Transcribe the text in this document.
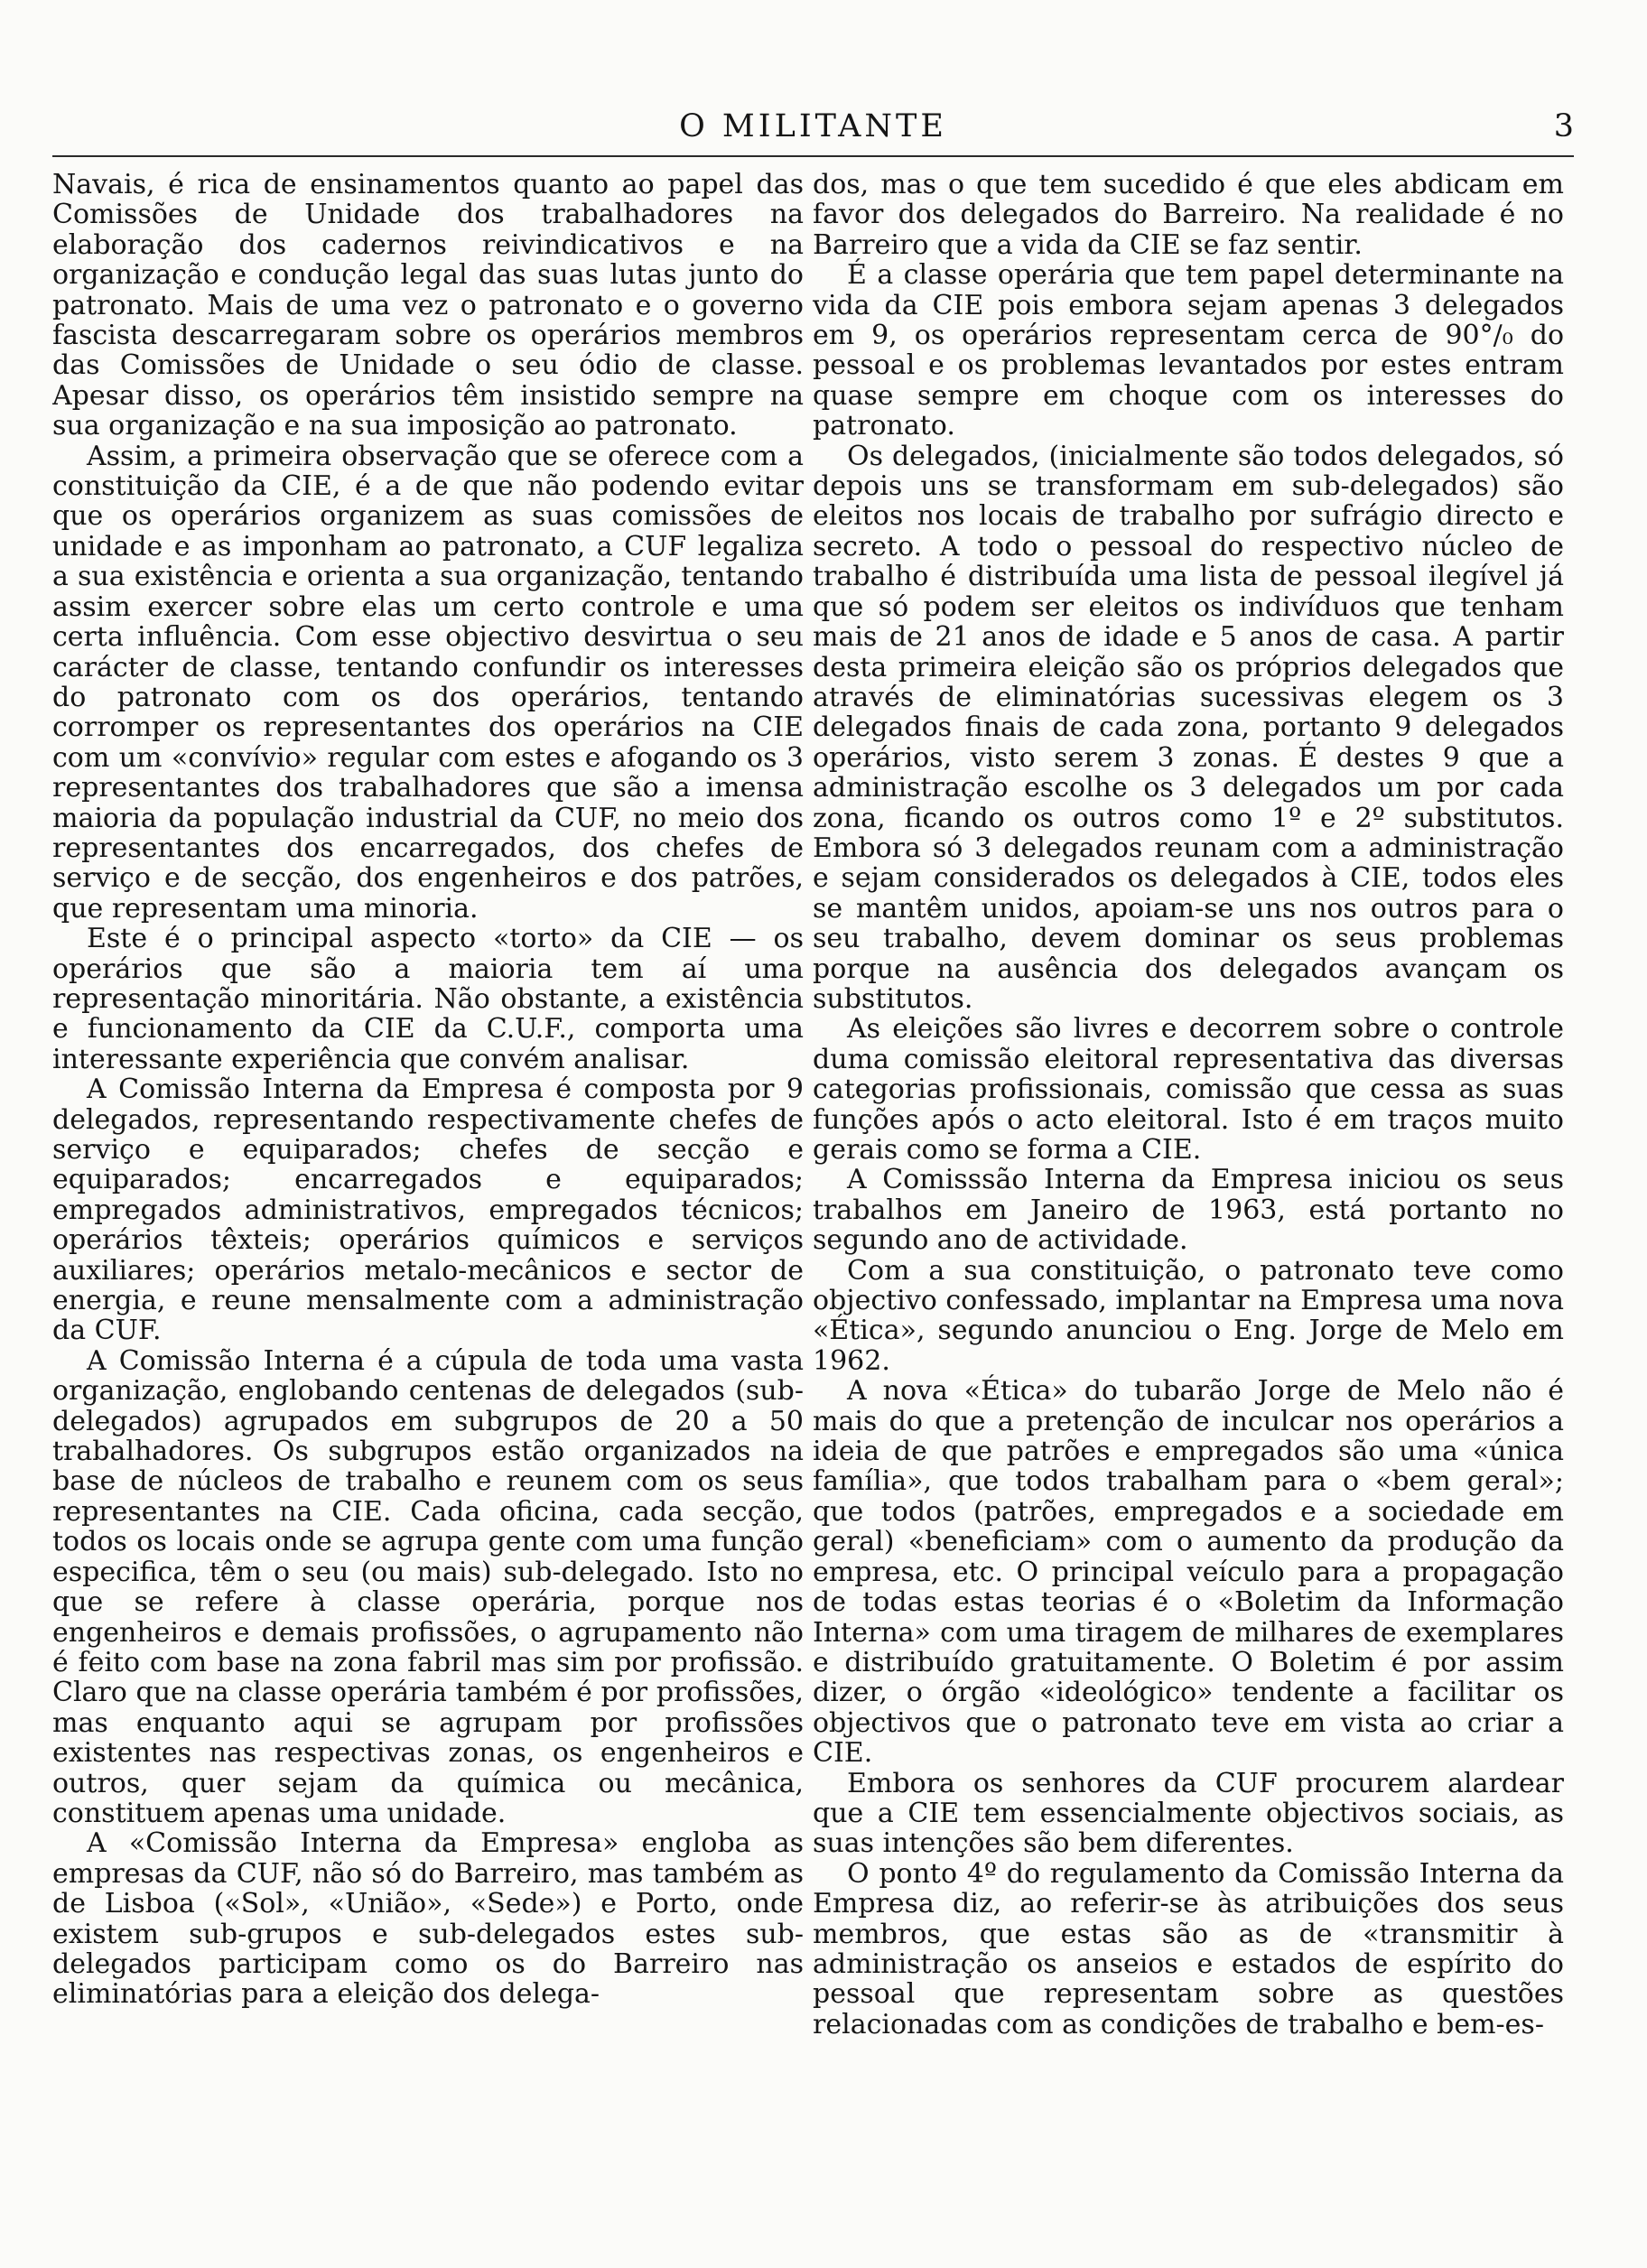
O MILITANTE	3

Navais, é rica de ensinamentos quanto ao papel das Comissões de Unidade dos trabalhadores na elaboração dos cadernos reivindicativos e na organização e condução legal das suas lutas junto do patronato. Mais de uma vez o patronato e o governo fascista descarregaram sobre os operários membros das Comissões de Unidade o seu ódio de classe. Apesar disso, os operários têm insistido sempre na sua organização e na sua imposição ao patronato.

Assim, a primeira observação que se oferece com a constituição da CIE, é a de que não podendo evitar que os operários organizem as suas comissões de unidade e as imponham ao patronato, a CUF legaliza a sua existência e orienta a sua organização, tentando assim exercer sobre elas um certo controle e uma certa influência. Com esse objectivo desvirtua o seu carácter de classe, tentando confundir os interesses do patronato com os dos operários, tentando corromper os representantes dos operários na CIE com um «convívio» regular com estes e afogando os 3 representantes dos trabalhadores que são a imensa maioria da população industrial da CUF, no meio dos representantes dos encarregados, dos chefes de serviço e de secção, dos engenheiros e dos patrões, que representam uma minoria.

Este é o principal aspecto «torto» da CIE — os operários que são a maioria tem aí uma representação minoritária. Não obstante, a existência e funcionamento da CIE da C.U.F., comporta uma interessante experiência que convém analisar.

A Comissão Interna da Empresa é composta por 9 delegados, representando respectivamente chefes de serviço e equiparados; chefes de secção e equiparados; encarregados e equiparados; empregados administrativos, empregados técnicos; operários têxteis; operários químicos e serviços auxiliares; operários metalo-mecânicos e sector de energia, e reune mensalmente com a administração da CUF.

A Comissão Interna é a cúpula de toda uma vasta organização, englobando centenas de delegados (sub-delegados) agrupados em subgrupos de 20 a 50 trabalhadores. Os subgrupos estão organizados na base de núcleos de trabalho e reunem com os seus representantes na CIE. Cada oficina, cada secção, todos os locais onde se agrupa gente com uma função especifica, têm o seu (ou mais) sub-delegado. Isto no que se refere à classe operária, porque nos engenheiros e demais profissões, o agrupamento não é feito com base na zona fabril mas sim por profissão. Claro que na classe operária também é por profissões, mas enquanto aqui se agrupam por profissões existentes nas respectivas zonas, os engenheiros e outros, quer sejam da química ou mecânica, constituem apenas uma unidade.

A «Comissão Interna da Empresa» engloba as empresas da CUF, não só do Barreiro, mas também as de Lisboa («Sol», «União», «Sede») e Porto, onde existem sub-grupos e sub-delegados estes sub-delegados participam como os do Barreiro nas eliminatórias para a eleição dos delega-

dos, mas o que tem sucedido é que eles abdicam em favor dos delegados do Barreiro. Na realidade é no Barreiro que a vida da CIE se faz sentir.

É a classe operária que tem papel determinante na vida da CIE pois embora sejam apenas 3 delegados em 9, os operários representam cerca de 90°/₀ do pessoal e os problemas levantados por estes entram quase sempre em choque com os interesses do patronato.

Os delegados, (inicialmente são todos delegados, só depois uns se transformam em sub-delegados) são eleitos nos locais de trabalho por sufrágio directo e secreto. A todo o pessoal do respectivo núcleo de trabalho é distribuída uma lista de pessoal ilegível já que só podem ser eleitos os indivíduos que tenham mais de 21 anos de idade e 5 anos de casa. A partir desta primeira eleição são os próprios delegados que através de eliminatórias sucessivas elegem os 3 delegados finais de cada zona, portanto 9 delegados operários, visto serem 3 zonas. É destes 9 que a administração escolhe os 3 delegados um por cada zona, ficando os outros como 1º e 2º substitutos. Embora só 3 delegados reunam com a administração e sejam considerados os delegados à CIE, todos eles se mantêm unidos, apoiam-se uns nos outros para o seu trabalho, devem dominar os seus problemas porque na ausência dos delegados avançam os substitutos.

As eleições são livres e decorrem sobre o controle duma comissão eleitoral representativa das diversas categorias profissionais, comissão que cessa as suas funções após o acto eleitoral. Isto é em traços muito gerais como se forma a CIE.

A Comisssão Interna da Empresa iniciou os seus trabalhos em Janeiro de 1963, está portanto no segundo ano de actividade.

Com a sua constituição, o patronato teve como objectivo confessado, implantar na Empresa uma nova «Ética», segundo anunciou o Eng. Jorge de Melo em 1962.

A nova «Ética» do tubarão Jorge de Melo não é mais do que a pretenção de inculcar nos operários a ideia de que patrões e empregados são uma «única família», que todos trabalham para o «bem geral»; que todos (patrões, empregados e a sociedade em geral) «beneficiam» com o aumento da produção da empresa, etc. O principal veículo para a propagação de todas estas teorias é o «Boletim da Informação Interna» com uma tiragem de milhares de exemplares e distribuído gratuitamente. O Boletim é por assim dizer, o órgão «ideológico» tendente a facilitar os objectivos que o patronato teve em vista ao criar a CIE.

Embora os senhores da CUF procurem alardear que a CIE tem essencialmente objectivos sociais, as suas intenções são bem diferentes.

O ponto 4º do regulamento da Comissão Interna da Empresa diz, ao referir-se às atribuições dos seus membros, que estas são as de «transmitir à administração os anseios e estados de espírito do pessoal que representam sobre as questões relacionadas com as condições de trabalho e bem-es-
